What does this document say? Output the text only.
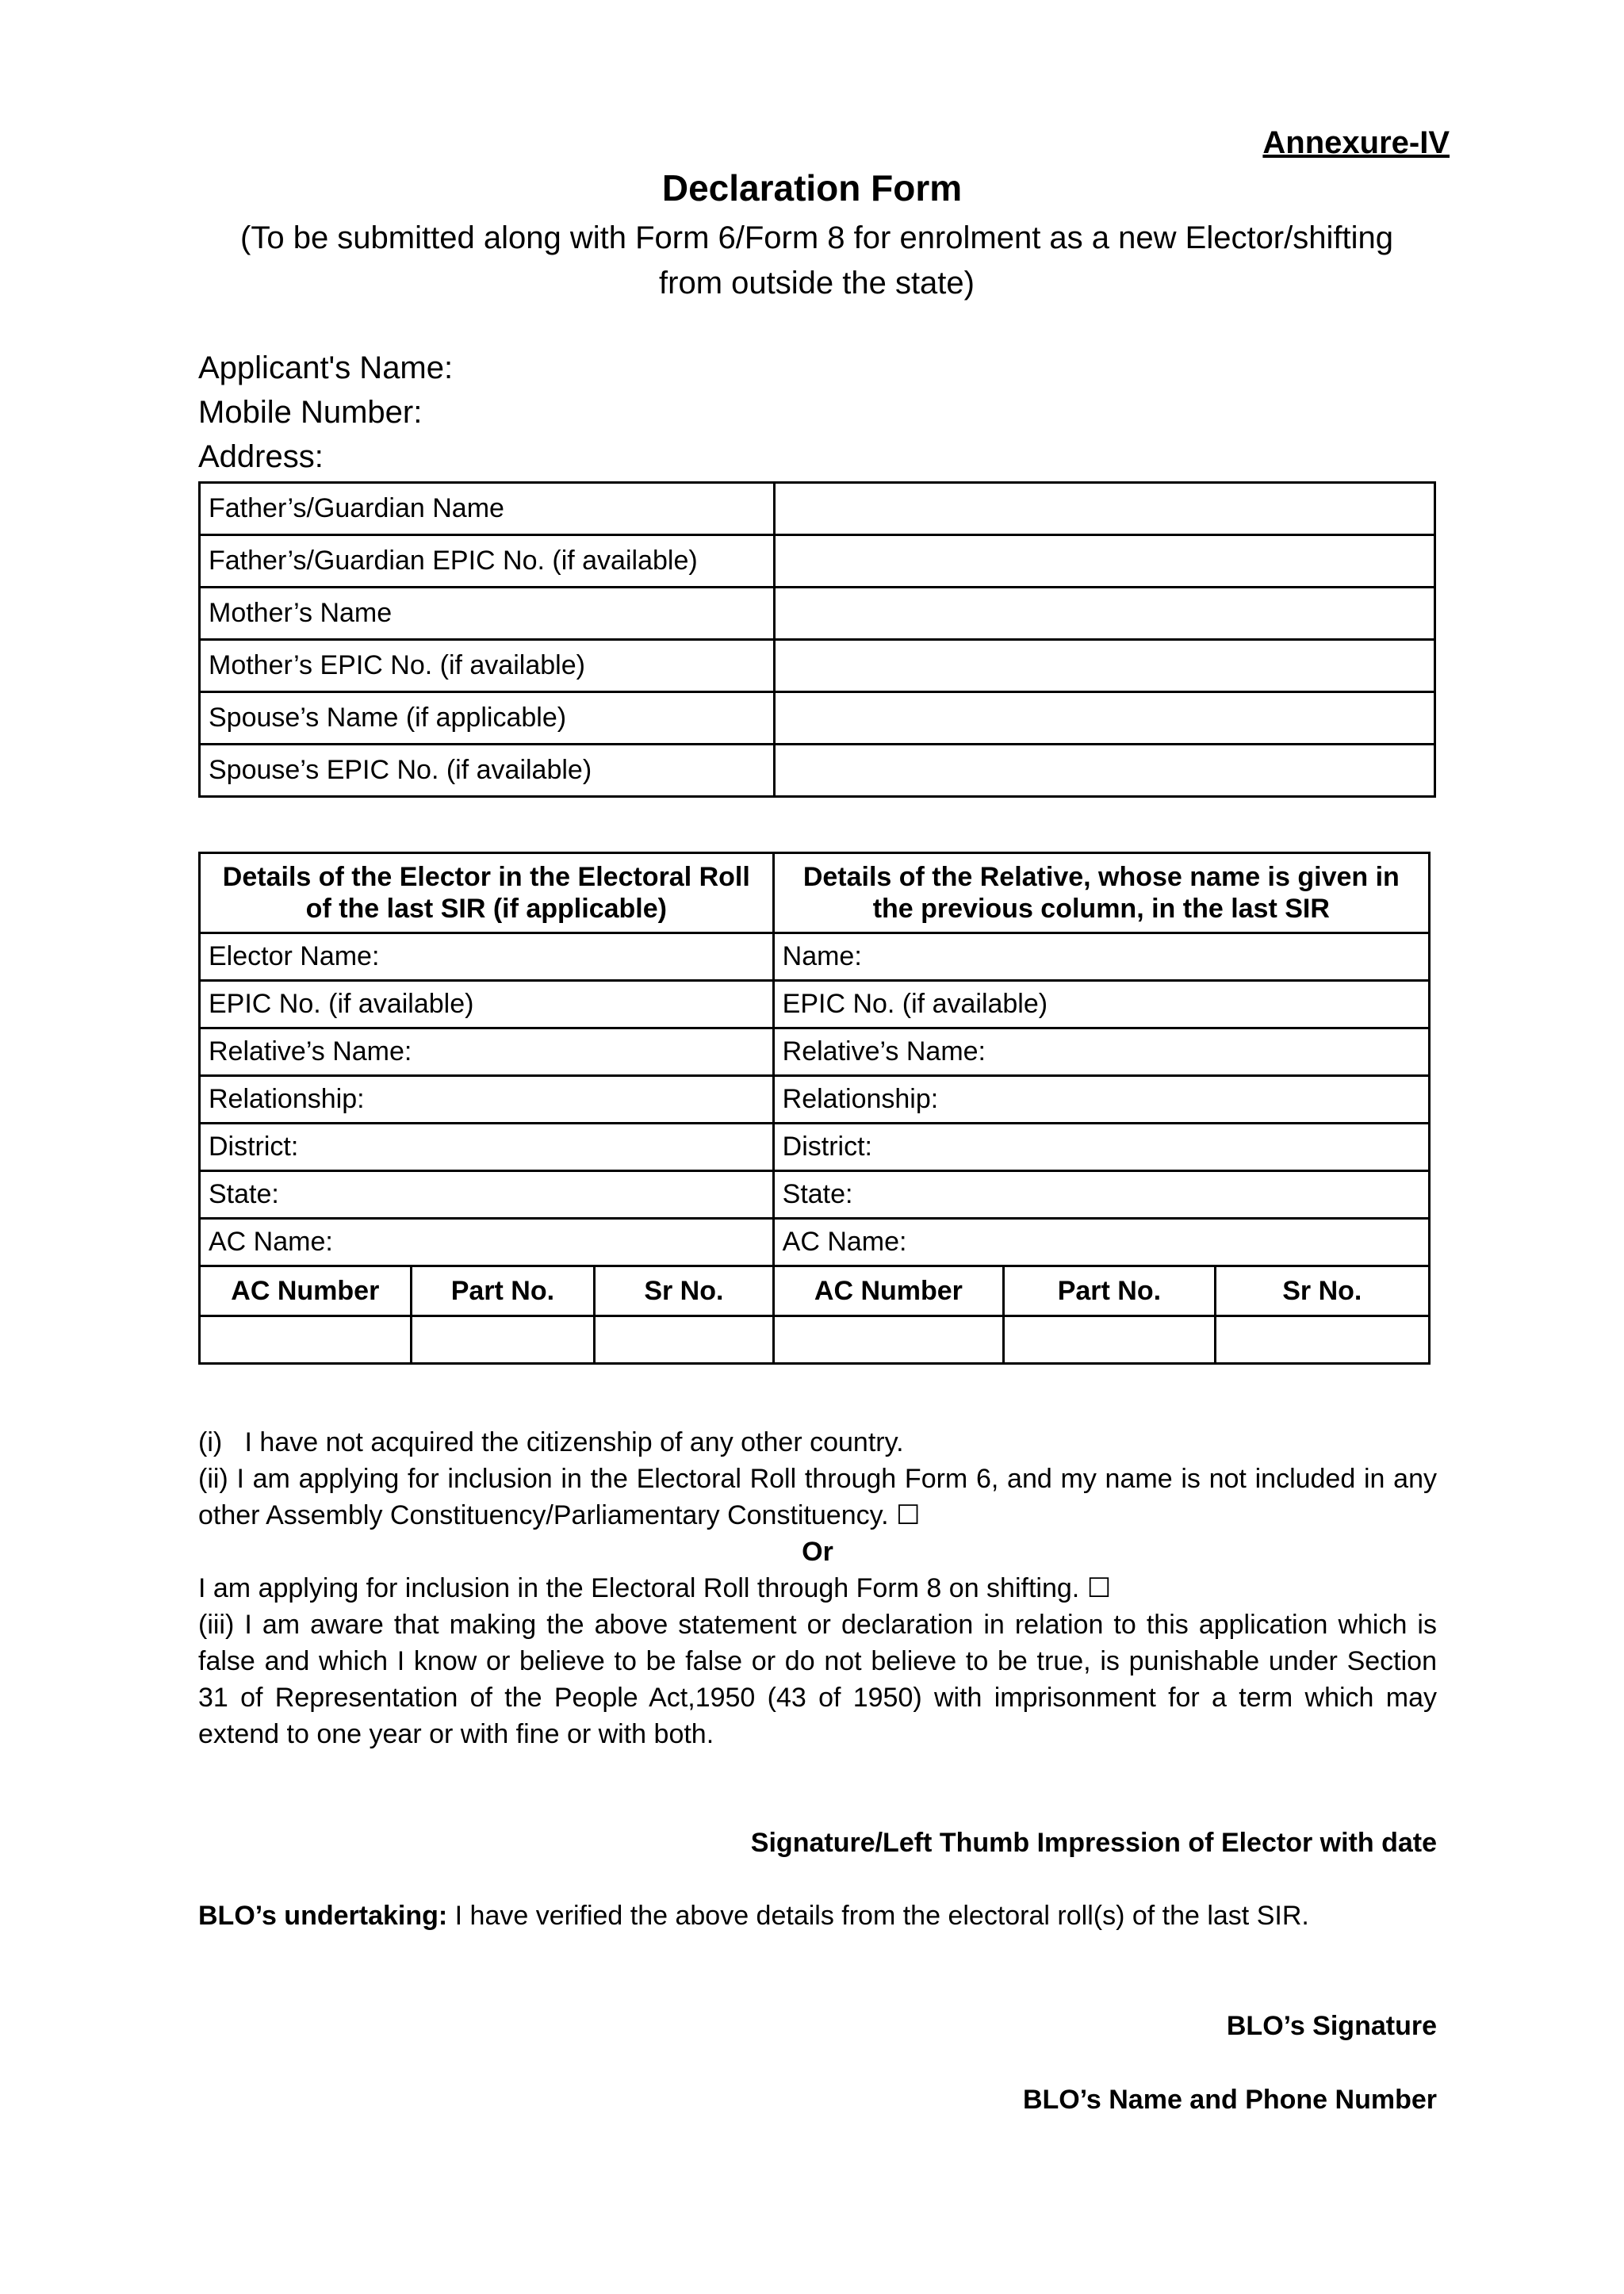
Annexure-IV
Declaration Form
(To be submitted along with Form 6/Form 8 for enrolment as a new Elector/shifting from outside the state)
Applicant's Name:
Mobile Number:
Address:
Father’s/Guardian Name	
Father’s/Guardian EPIC No. (if available)	
Mother’s Name	
Mother’s EPIC No. (if available)	
Spouse’s Name (if applicable)	
Spouse’s EPIC No. (if available)	
Details of the Elector in the Electoral Roll of the last SIR (if applicable)			Details of the Relative, whose name is given in the previous column, in the last SIR		
Elector Name:			Name:		
EPIC No. (if available)			EPIC No. (if available)		
Relative’s Name:			Relative’s Name:		
Relationship:			Relationship:		
District:			District:		
State:			State:		
AC Name:			AC Name:		
AC Number	Part No.	Sr No.	AC Number	Part No.	Sr No.

(i)   I have not acquired the citizenship of any other country.

(ii) I am applying for inclusion in the Electoral Roll through Form 6, and my name is not included in any other Assembly Constituency/Parliamentary Constituency. ☐

Or

I am applying for inclusion in the Electoral Roll through Form 8 on shifting. ☐

(iii) I am aware that making the above statement or declaration in relation to this application which is false and which I know or believe to be false or do not believe to be true, is punishable under Section 31 of Representation of the People Act,1950 (43 of 1950) with imprisonment for a term which may extend to one year or with fine or with both.

Signature/Left Thumb Impression of Elector with date
BLO’s undertaking: I have verified the above details from the electoral roll(s) of the last SIR.
BLO’s Signature
BLO’s Name and Phone Number
